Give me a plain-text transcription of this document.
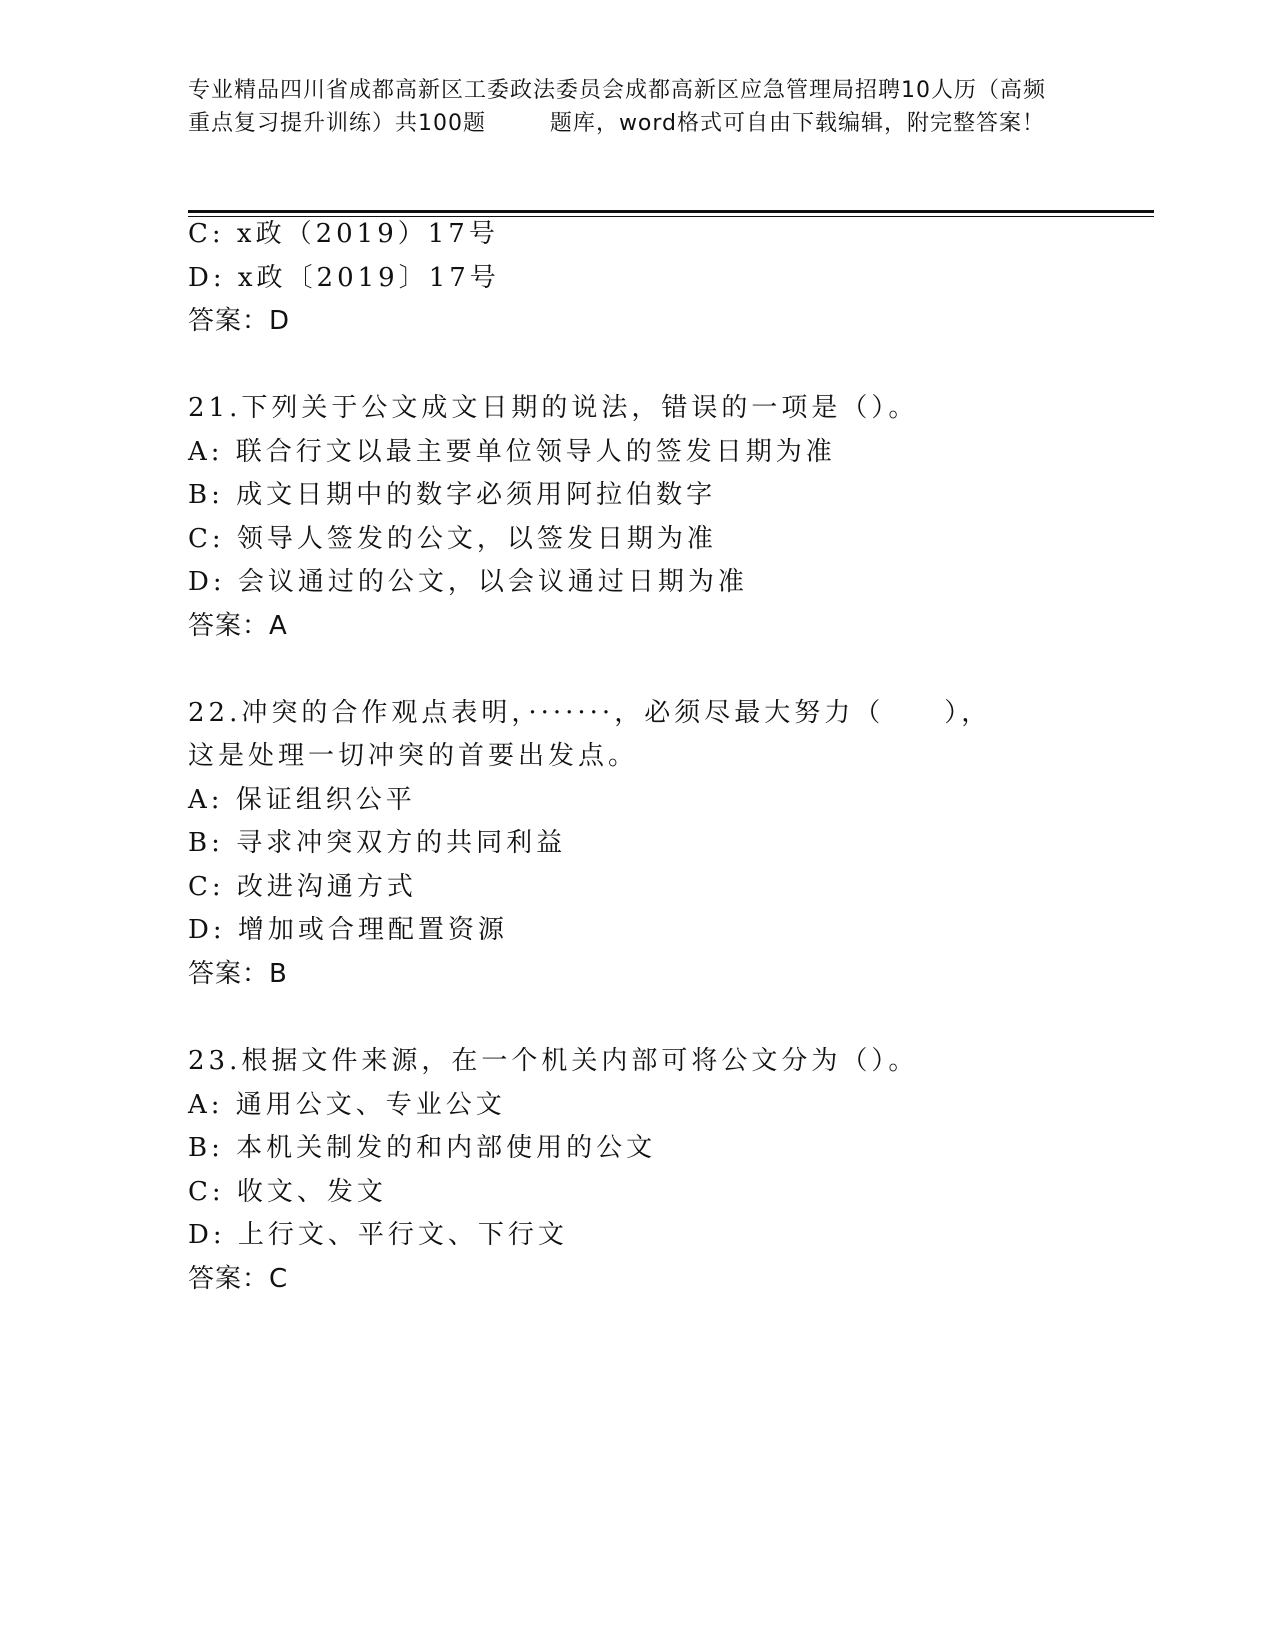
专业精品四川省成都高新区工委政法委员会成都高新区应急管理局招聘10人历（高频重点复习提升训练）共100题        题库，word格式可自由下载编辑，附完整答案！
C: x政（2019）17号
D: x政〔2019〕17号
答案：D
21.下列关于公文成文日期的说法，错误的一项是（）。
A: 联合行文以最主要单位领导人的签发日期为准
B: 成文日期中的数字必须用阿拉伯数字
C: 领导人签发的公文，以签发日期为准
D: 会议通过的公文，以会议通过日期为准
答案：A
22.冲突的合作观点表明，·······，必须尽最大努力（　　），
这是处理一切冲突的首要出发点。
A: 保证组织公平
B: 寻求冲突双方的共同利益
C: 改进沟通方式
D: 增加或合理配置资源
答案：B
23.根据文件来源，在一个机关内部可将公文分为（）。
A: 通用公文、专业公文
B: 本机关制发的和内部使用的公文
C: 收文、发文
D: 上行文、平行文、下行文
答案：C
